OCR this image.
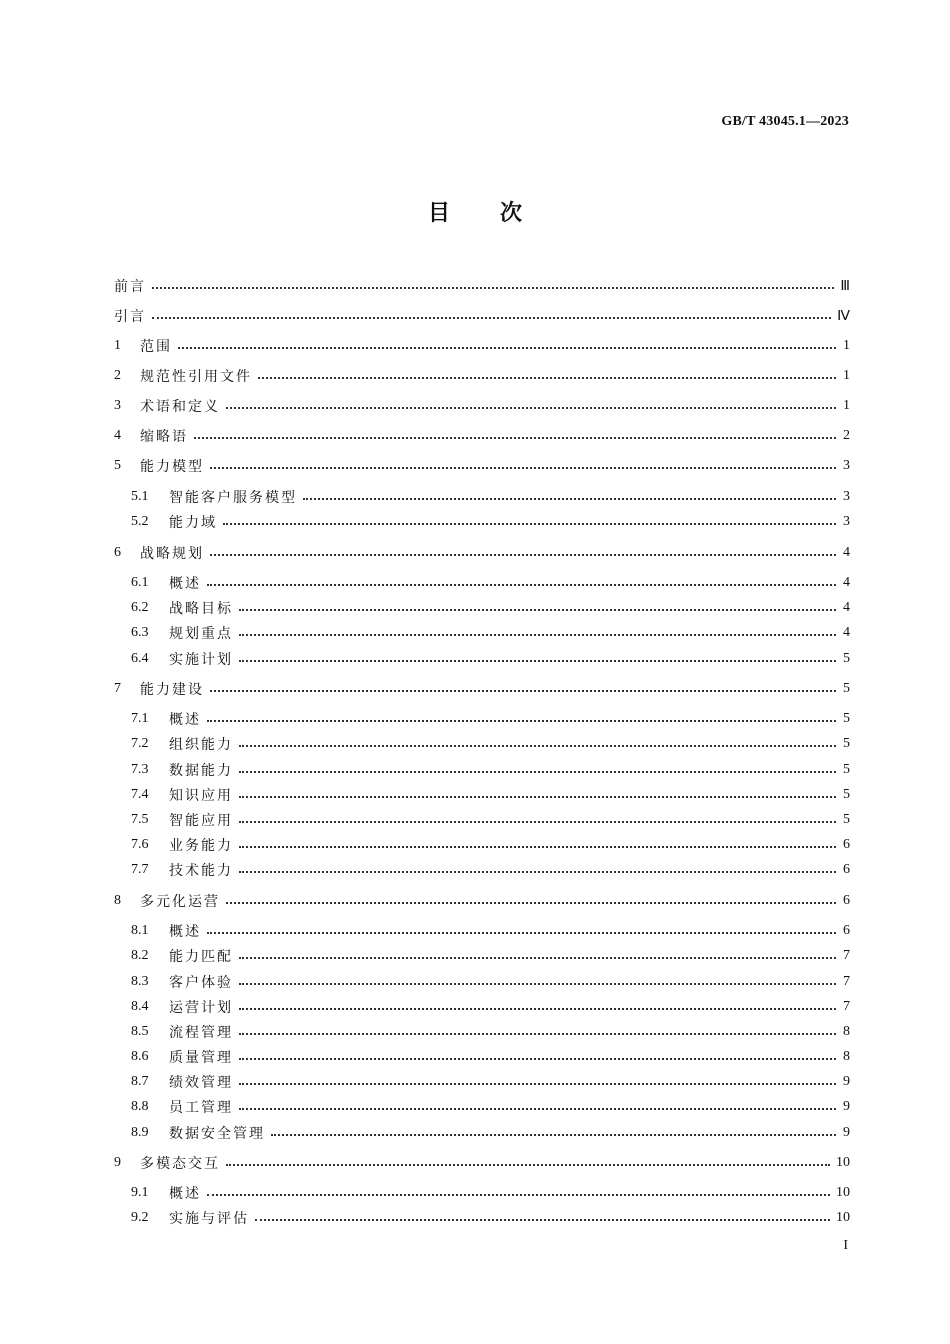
GB/T 43045.1—2023
目次
前言	Ⅲ
引言	Ⅳ
1	范围	1
2	规范性引用文件	1
3	术语和定义	1
4	缩略语	2
5	能力模型	3
5.1	智能客户服务模型	3
5.2	能力域	3
6	战略规划	4
6.1	概述	4
6.2	战略目标	4
6.3	规划重点	4
6.4	实施计划	5
7	能力建设	5
7.1	概述	5
7.2	组织能力	5
7.3	数据能力	5
7.4	知识应用	5
7.5	智能应用	5
7.6	业务能力	6
7.7	技术能力	6
8	多元化运营	6
8.1	概述	6
8.2	能力匹配	7
8.3	客户体验	7
8.4	运营计划	7
8.5	流程管理	8
8.6	质量管理	8
8.7	绩效管理	9
8.8	员工管理	9
8.9	数据安全管理	9
9	多模态交互	10
9.1	概述	10
9.2	实施与评估	10
I
